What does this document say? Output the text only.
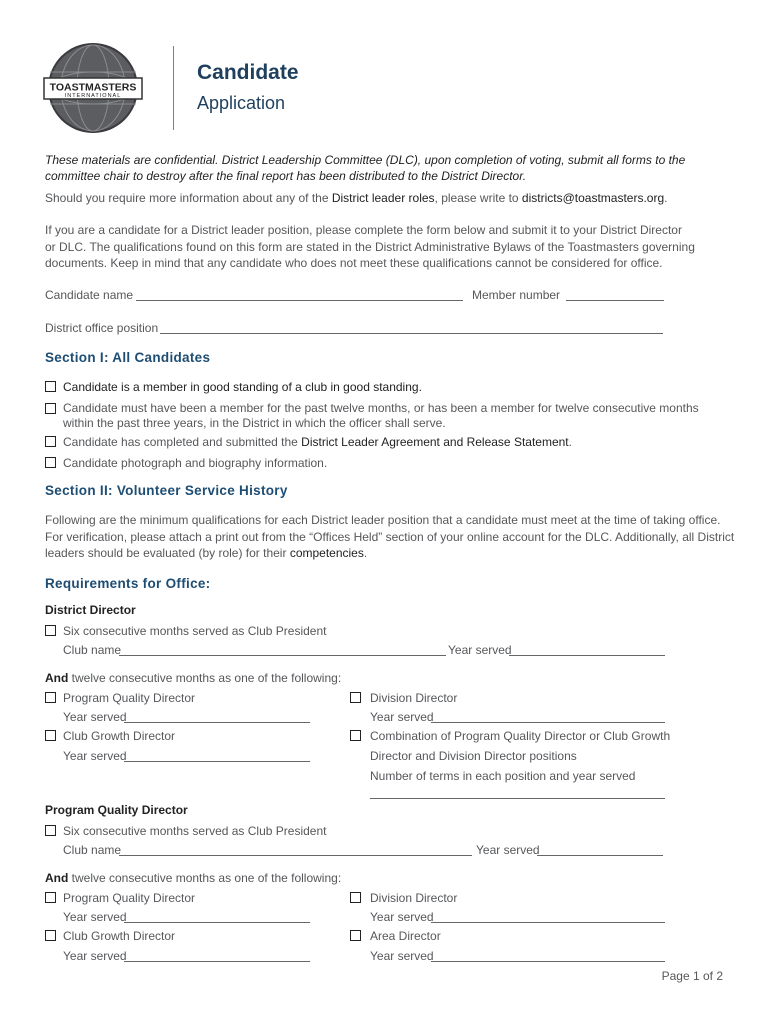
TOASTMASTERS
INTERNATIONAL
Candidate
Application
These materials are confidential. District Leadership Committee (DLC), upon completion of voting, submit all forms to the
committee chair to destroy after the final report has been distributed to the District Director.
Should you require more information about any of the District leader roles, please write to districts@toastmasters.org.
If you are a candidate for a District leader position, please complete the form below and submit it to your District Director
or DLC. The qualifications found on this form are stated in the District Administrative Bylaws of the Toastmasters governing
documents. Keep in mind that any candidate who does not meet these qualifications cannot be considered for office.
Candidate name	Member number
District office position
Section I: All Candidates
Candidate is a member in good standing of a club in good standing.
Candidate must have been a member for the past twelve months, or has been a member for twelve consecutive months
within the past three years, in the District in which the officer shall serve.
Candidate has completed and submitted the District Leader Agreement and Release Statement.
Candidate photograph and biography information.
Section II: Volunteer Service History
Following are the minimum qualifications for each District leader position that a candidate must meet at the time of taking office.
For verification, please attach a print out from the “Offices Held” section of your online account for the DLC. Additionally, all District
leaders should be evaluated (by role) for their competencies.
Requirements for Office:
District Director
Six consecutive months served as Club President
Club name	Year served
And twelve consecutive months as one of the following:
Program Quality Director
Year served
Club Growth Director
Year served
Division Director
Year served
Combination of Program Quality Director or Club Growth
Director and Division Director positions
Number of terms in each position and year served
Program Quality Director
Six consecutive months served as Club President
Club name	Year served
And twelve consecutive months as one of the following:
Program Quality Director
Year served
Club Growth Director
Year served
Division Director
Year served
Area Director
Year served
Page 1 of 2
